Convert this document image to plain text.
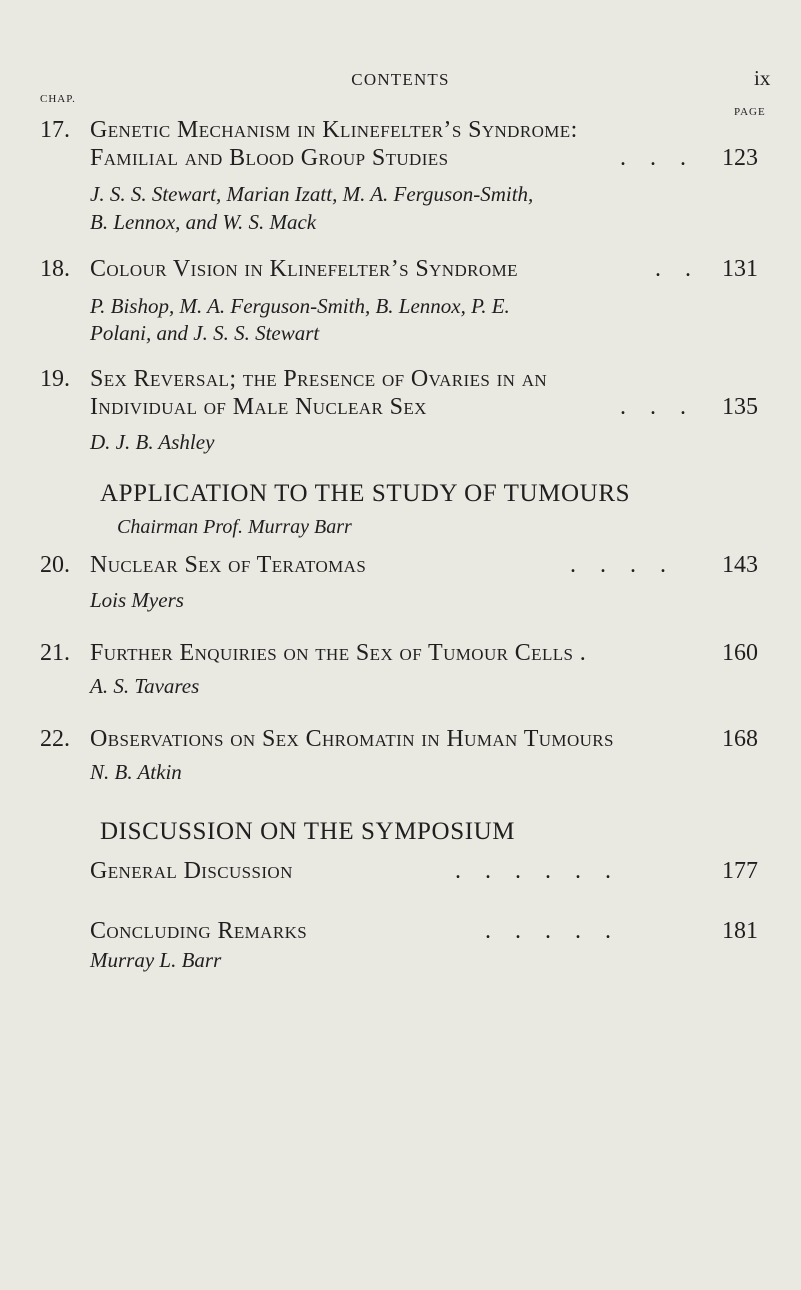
CONTENTS	ix
CHAP.
PAGE
17. Genetic Mechanism in Klinefelter’s Syndrome:
Familial and Blood Group Studies	. . . 123
J. S. S. Stewart, Marian Izatt, M. A. Ferguson-Smith,
B. Lennox, and W. S. Mack
18. Colour Vision in Klinefelter’s Syndrome	. . 131
P. Bishop, M. A. Ferguson-Smith, B. Lennox, P. E.
Polani, and J. S. S. Stewart
19. Sex Reversal; the Presence of Ovaries in an
Individual of Male Nuclear Sex	. . . 135
D. J. B. Ashley
APPLICATION TO THE STUDY OF TUMOURS
Chairman Prof. Murray Barr
20. Nuclear Sex of Teratomas	. . . . 143
Lois Myers
21. Further Enquiries on the Sex of Tumour Cells .	160
A. S. Tavares
22. Observations on Sex Chromatin in Human Tumours	168
N. B. Atkin
DISCUSSION ON THE SYMPOSIUM
General Discussion	. . . . . .	177
Concluding Remarks	. . . . .	181
Murray L. Barr
